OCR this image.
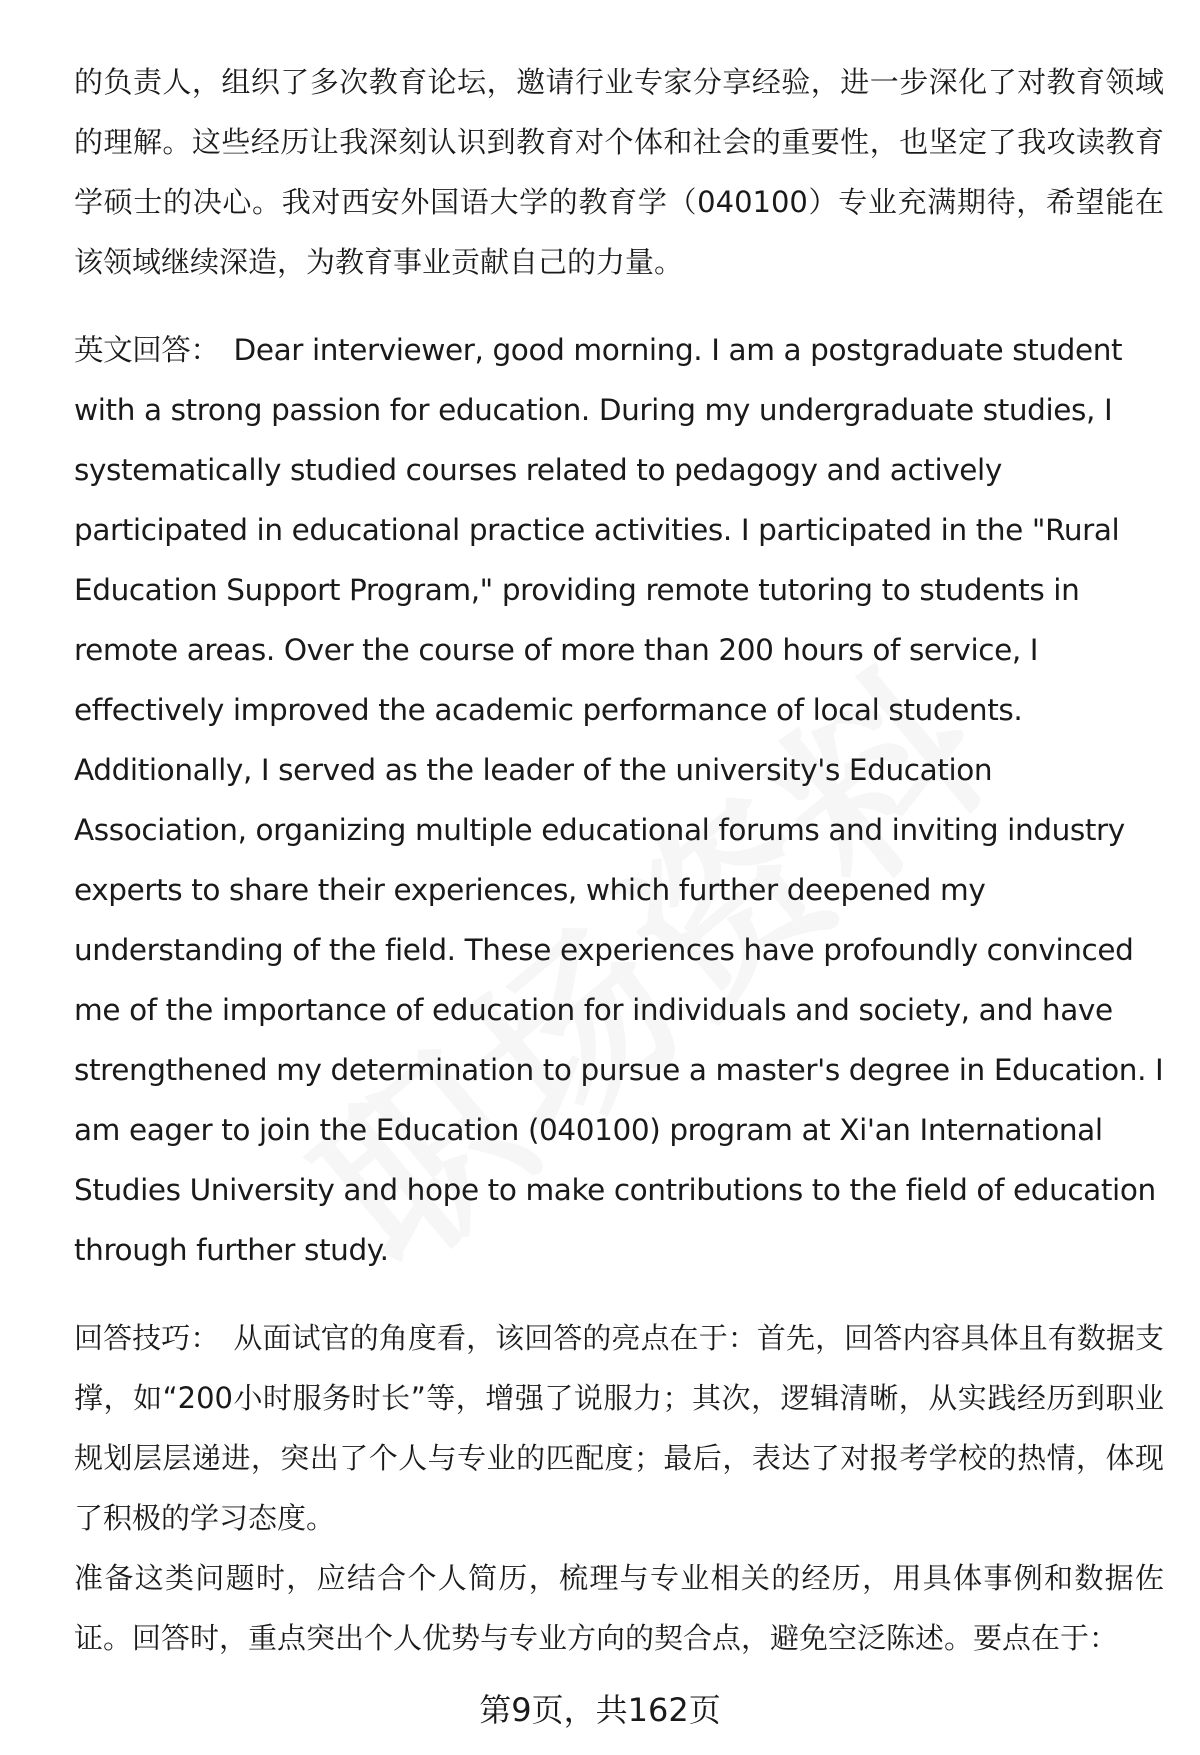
的负责人，组织了多次教育论坛，邀请行业专家分享经验，进一步深化了对教育领域的理解。这些经历让我深刻认识到教育对个体和社会的重要性，也坚定了我攻读教育学硕士的决心。我对西安外国语大学的教育学（040100）专业充满期待，希望能在该领域继续深造，为教育事业贡献自己的力量。

英文回答： Dear interviewer, good morning. I am a postgraduate student with a strong passion for education. During my undergraduate studies, I systematically studied courses related to pedagogy and actively participated in educational practice activities. I participated in the "Rural Education Support Program," providing remote tutoring to students in remote areas. Over the course of more than 200 hours of service, I effectively improved the academic performance of local students. Additionally, I served as the leader of the university's Education Association, organizing multiple educational forums and inviting industry experts to share their experiences, which further deepened my understanding of the field. These experiences have profoundly convinced me of the importance of education for individuals and society, and have strengthened my determination to pursue a master's degree in Education. I am eager to join the Education (040100) program at Xi'an International Studies University and hope to make contributions to the field of education through further study.

回答技巧： 从面试官的角度看，该回答的亮点在于：首先，回答内容具体且有数据支撑，如“200小时服务时长”等，增强了说服力；其次，逻辑清晰，从实践经历到职业规划层层递进，突出了个人与专业的匹配度；最后，表达了对报考学校的热情，体现了积极的学习态度。

准备这类问题时，应结合个人简历，梳理与专业相关的经历，用具体事例和数据佐证。回答时，重点突出个人优势与专业方向的契合点，避免空泛陈述。要点在于：

第9页，共162页
